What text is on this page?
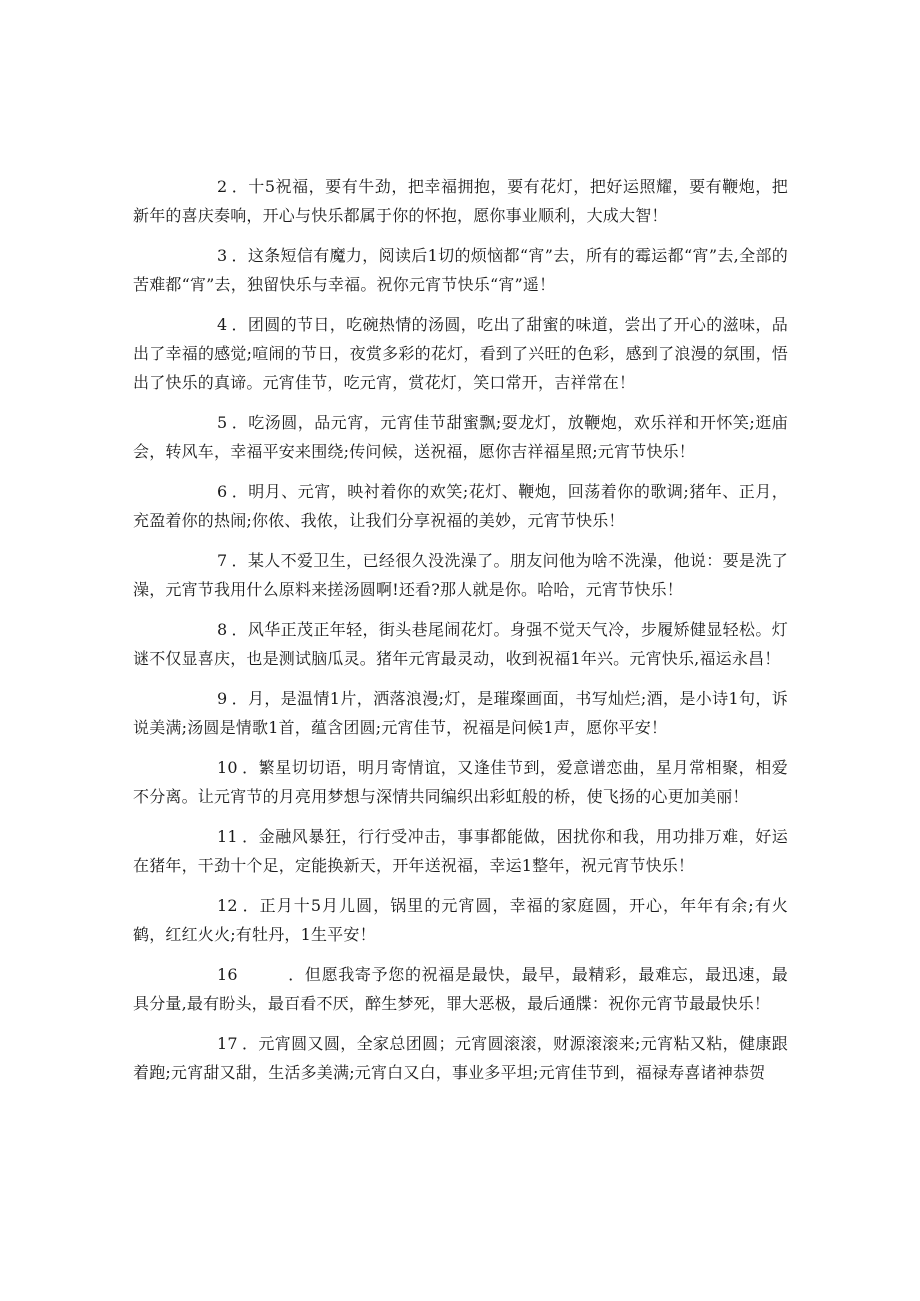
2 ．十5祝福，要有牛劲，把幸福拥抱，要有花灯，把好运照耀，要有鞭炮，把新年的喜庆奏响，开心与快乐都属于你的怀抱，愿你事业顺利，大成大智！

3 ．这条短信有魔力，阅读后1切的烦恼都“宵”去，所有的霉运都“宵”去,全部的苦难都“宵”去，独留快乐与幸福。祝你元宵节快乐“宵”遥！

4 ．团圆的节日，吃碗热情的汤圆，吃出了甜蜜的味道，尝出了开心的滋味，品出了幸福的感觉;喧闹的节日，夜赏多彩的花灯，看到了兴旺的色彩，感到了浪漫的氛围，悟出了快乐的真谛。元宵佳节，吃元宵，赏花灯，笑口常开，吉祥常在！

5 ．吃汤圆，品元宵，元宵佳节甜蜜飘;耍龙灯，放鞭炮，欢乐祥和开怀笑;逛庙会，转风车，幸福平安来围绕;传问候，送祝福，愿你吉祥福星照;元宵节快乐！

6 ．明月、元宵，映衬着你的欢笑;花灯、鞭炮，回荡着你的歌调;猪年、正月，充盈着你的热闹;你侬、我侬，让我们分享祝福的美妙，元宵节快乐！

7 ．某人不爱卫生，已经很久没洗澡了。朋友问他为啥不洗澡，他说：要是洗了澡，元宵节我用什么原料来搓汤圆啊!还看?那人就是你。哈哈，元宵节快乐！

8 ．风华正茂正年轻，街头巷尾闹花灯。身强不觉天气冷，步履矫健显轻松。灯谜不仅显喜庆，也是测试脑瓜灵。猪年元宵最灵动，收到祝福1年兴。元宵快乐,福运永昌！

9 ．月，是温情1片，洒落浪漫;灯，是璀璨画面，书写灿烂;酒，是小诗1句，诉说美满;汤圆是情歌1首，蕴含团圆;元宵佳节，祝福是问候1声，愿你平安！

10 ．繁星切切语，明月寄情谊，又逢佳节到，爱意谱恋曲，星月常相聚，相爱不分离。让元宵节的月亮用梦想与深情共同编织出彩虹般的桥，使飞扬的心更加美丽！

11 ．金融风暴狂，行行受冲击，事事都能做，困扰你和我，用功排万难，好运在猪年，干劲十个足，定能换新天，开年送祝福，幸运1整年，祝元宵节快乐！

12 ．正月十5月儿圆，锅里的元宵圆，幸福的家庭圆，开心，年年有余;有火鹤，红红火火;有牡丹，1生平安！

16	．但愿我寄予您的祝福是最快，最早，最精彩，最难忘，最迅速，最具分量,最有盼头，最百看不厌，醉生梦死，罪大恶极，最后通牒：祝你元宵节最最快乐！

17 ．元宵圆又圆，全家总团圆；元宵圆滚滚，财源滚滚来;元宵粘又粘，健康跟着跑;元宵甜又甜，生活多美满;元宵白又白，事业多平坦;元宵佳节到，福禄寿喜诸神恭贺
